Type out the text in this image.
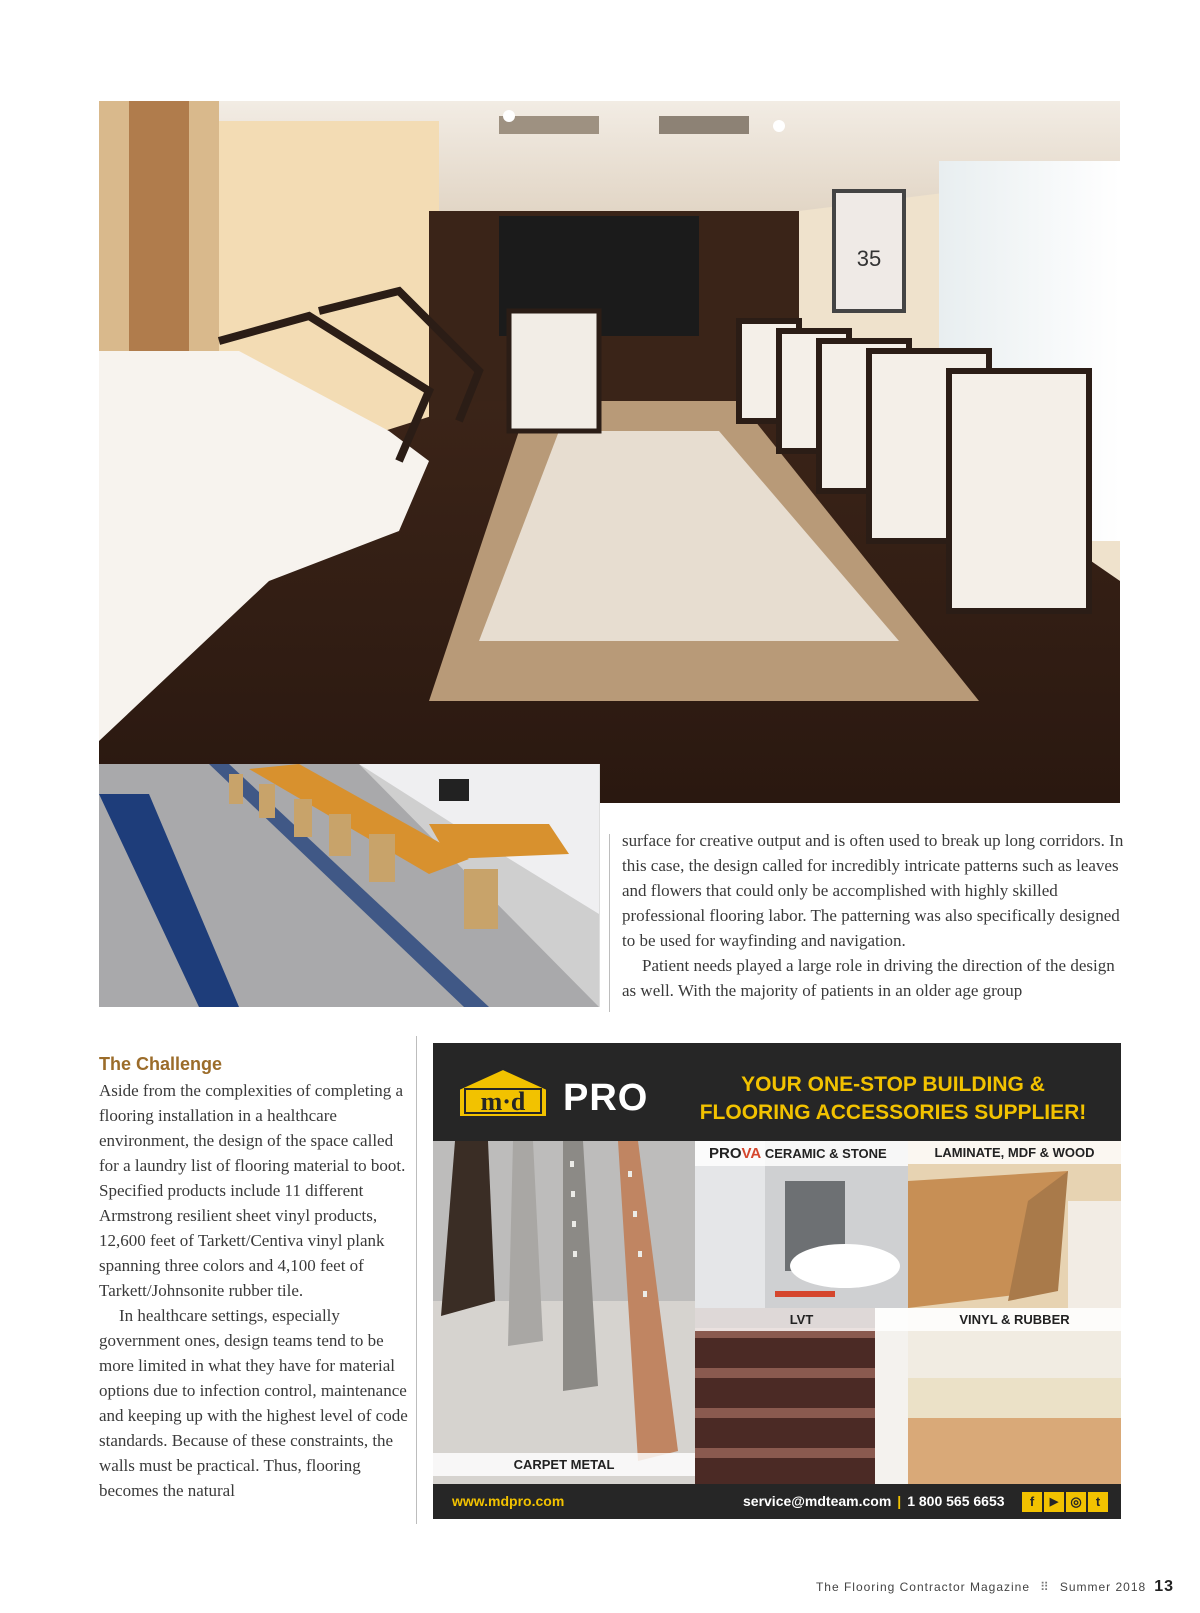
35

surface for creative output and is often used to break up long corridors. In this case, the design called for incredibly intricate patterns such as leaves and flowers that could only be accomplished with highly skilled professional flooring labor. The patterning was also specifically designed to be used for wayfinding and navigation.

Patient needs played a large role in driving the direction of the design as well. With the majority of patients in an older age group

The Challenge

Aside from the complexities of completing a flooring installation in a healthcare environment, the design of the space called for a laundry list of flooring material to boot. Specified products include 11 different Armstrong resilient sheet vinyl products, 12,600 feet of Tarkett/Centiva vinyl plank spanning three colors and 4,100 feet of Tarkett/Johnsonite rubber tile.

In healthcare settings, especially government ones, design teams tend to be more limited in what they have for material options due to infection control, maintenance and keeping up with the highest level of code standards. Because of these constraints, the walls must be practical. Thus, flooring becomes the natural

m·d PRO	YOUR ONE-STOP BUILDING &
FLOORING ACCESSORIES SUPPLIER!
CARPET METAL
PROVA CERAMIC & STONE	LAMINATE, MDF & WOOD
LVT	VINYL & RUBBER
www.mdpro.com	service@mdteam.com | 1 800 565 6653	f	▶ ◎	t
The Flooring Contractor Magazine ⠿ Summer 2018 13
